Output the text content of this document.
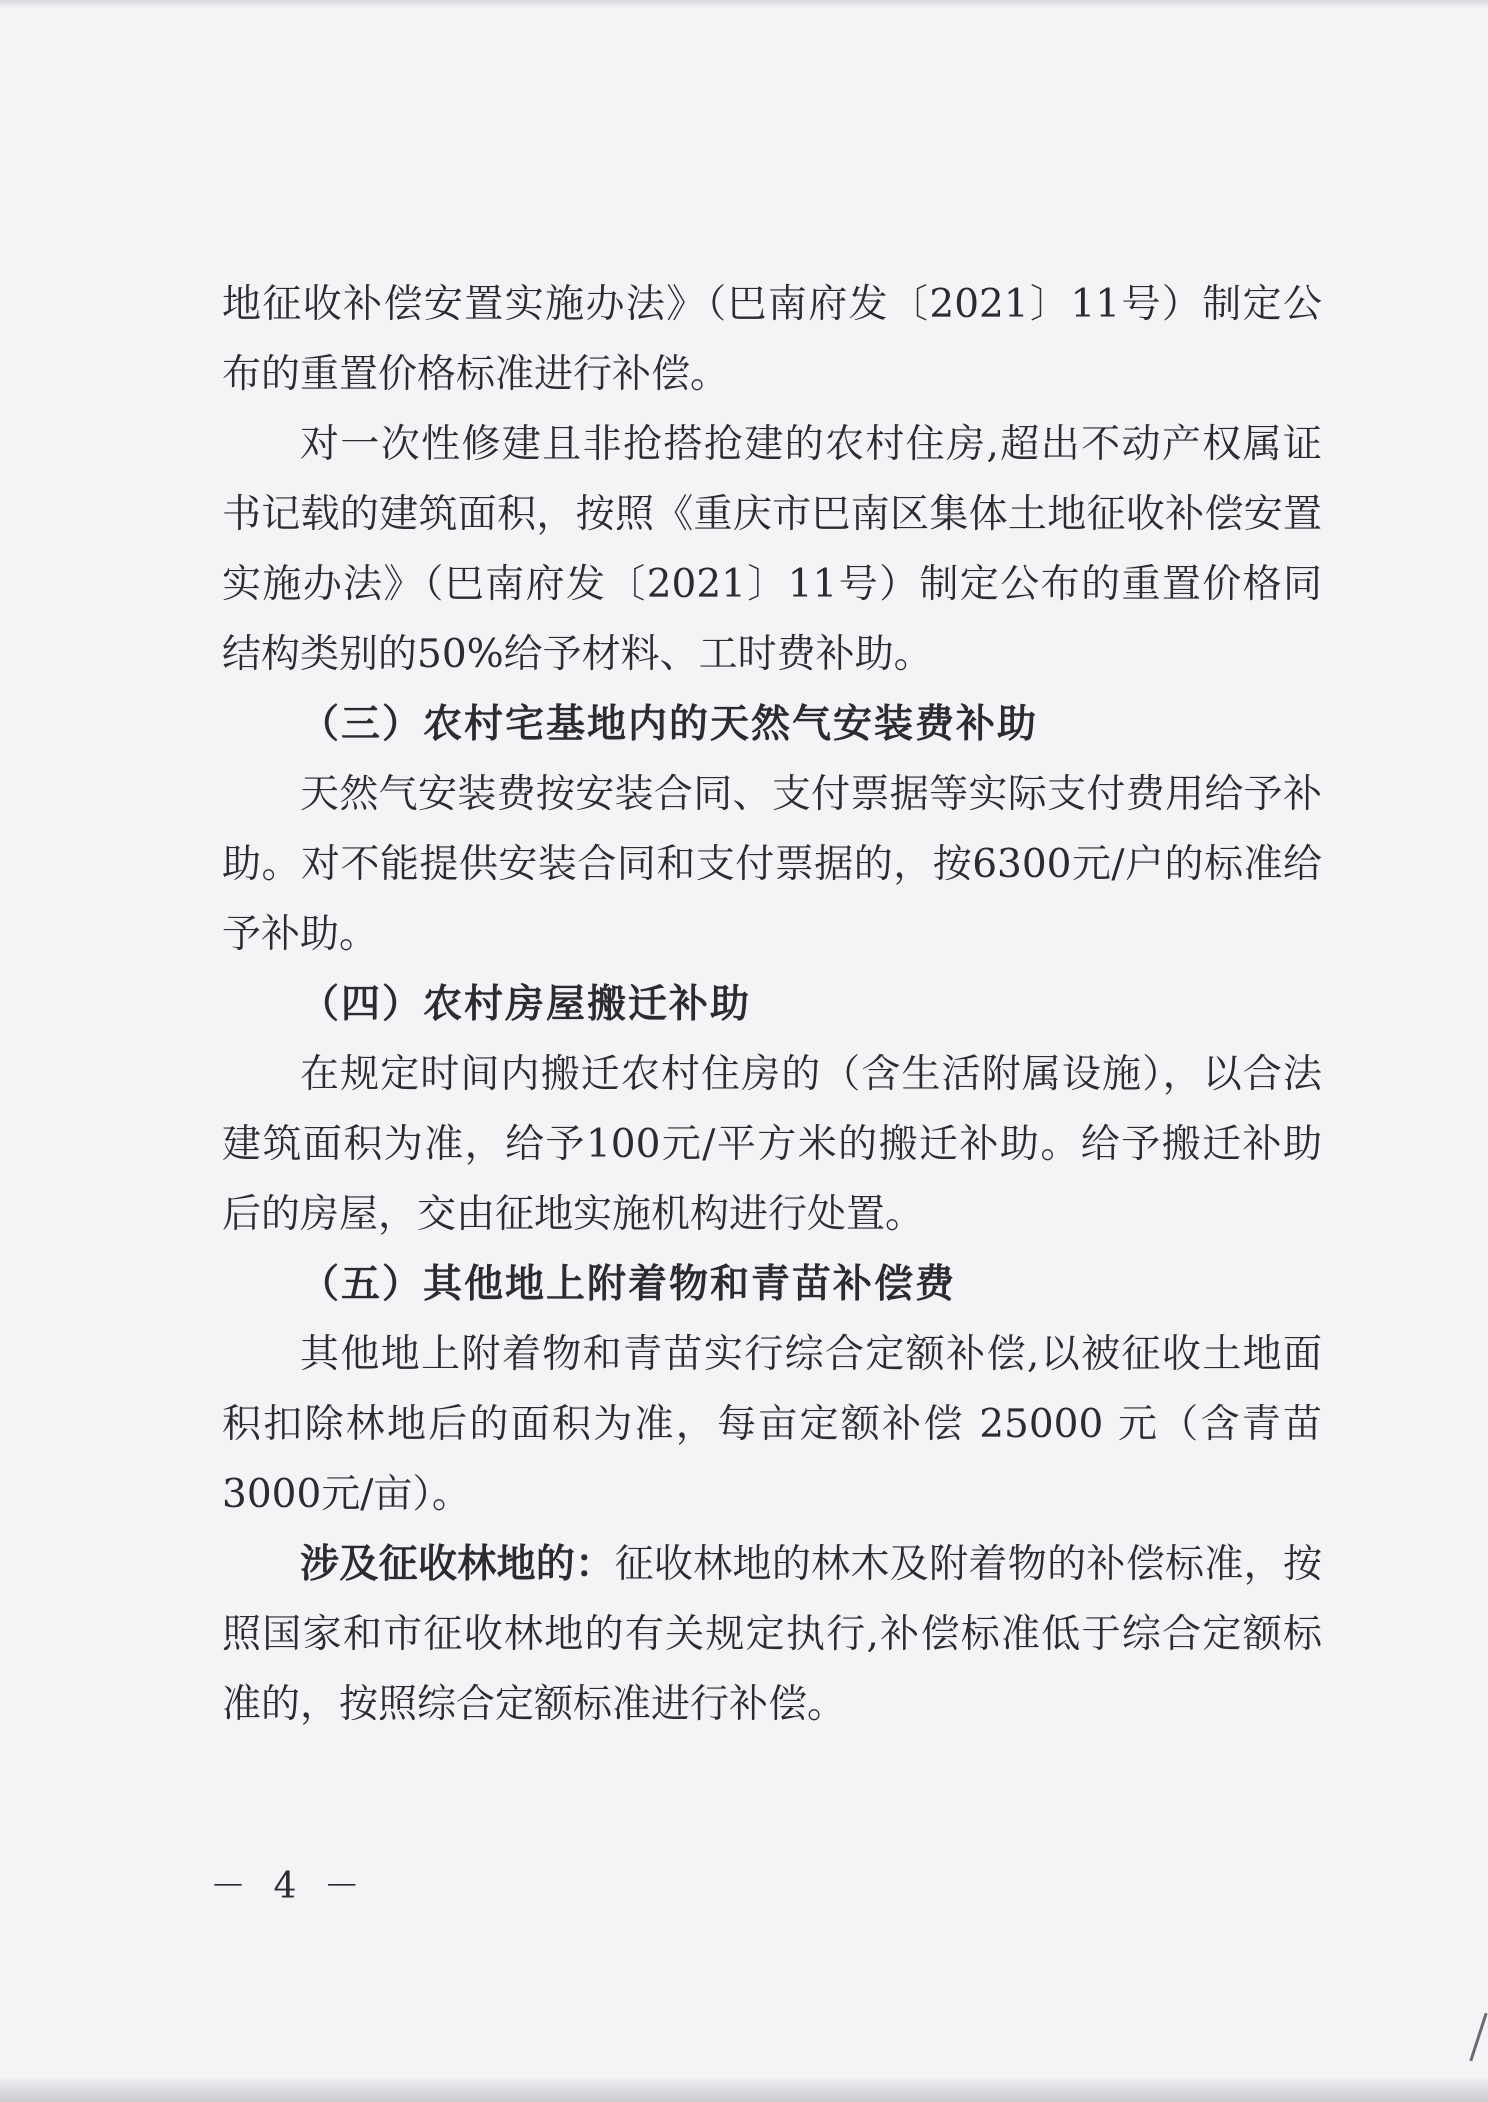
地征收补偿安置实施办法》（巴南府发〔2021〕11号）制定公布的重置价格标准进行补偿。

对一次性修建且非抢搭抢建的农村住房,超出不动产权属证书记载的建筑面积，按照《重庆市巴南区集体土地征收补偿安置实施办法》（巴南府发〔2021〕11号）制定公布的重置价格同结构类别的50%给予材料、工时费补助。

（三）农村宅基地内的天然气安装费补助

天然气安装费按安装合同、支付票据等实际支付费用给予补助。对不能提供安装合同和支付票据的，按6300元/户的标准给予补助。

（四）农村房屋搬迁补助

在规定时间内搬迁农村住房的（含生活附属设施），以合法建筑面积为准，给予100元/平方米的搬迁补助。给予搬迁补助后的房屋，交由征地实施机构进行处置。

（五）其他地上附着物和青苗补偿费

其他地上附着物和青苗实行综合定额补偿,以被征收土地面积扣除林地后的面积为准，每亩定额补偿 25000 元（含青苗 3000元/亩）。

涉及征收林地的：征收林地的林木及附着物的补偿标准，按照国家和市征收林地的有关规定执行,补偿标准低于综合定额标准的，按照综合定额标准进行补偿。

－ 4 －
